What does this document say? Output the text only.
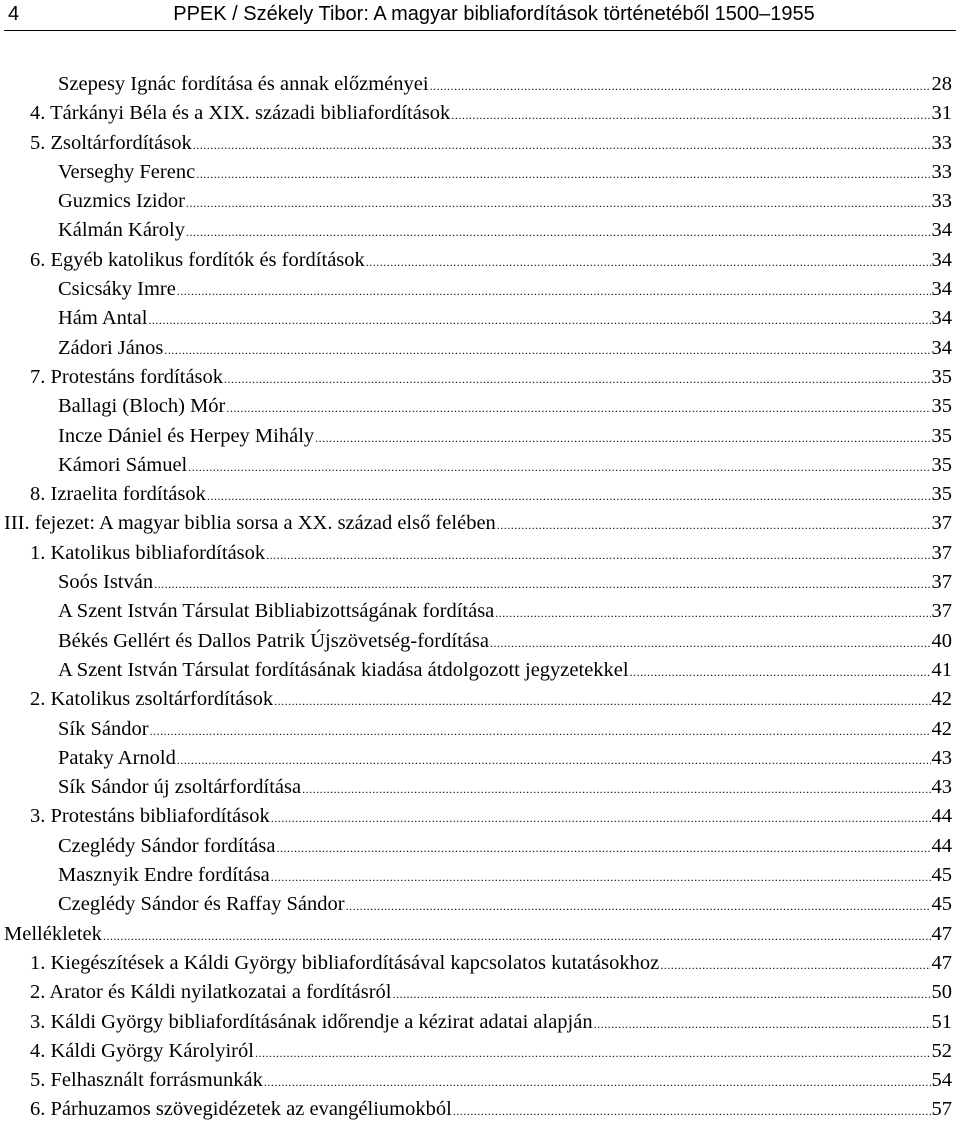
4	PPEK / Székely Tibor: A magyar bibliafordítások történetéből 1500–1955
Szepesy Ignác fordítása és annak előzményei .....	28
4. Tárkányi Béla és a XIX. századi bibliafordítások .....	31
5. Zsoltárfordítások .....	33
Verseghy Ferenc .....	33
Guzmics Izidor .....	33
Kálmán Károly .....	34
6. Egyéb katolikus fordítók és fordítások .....	34
Csicsáky Imre .....	34
Hám Antal .....	34
Zádori János .....	34
7. Protestáns fordítások .....	35
Ballagi (Bloch) Mór .....	35
Incze Dániel és Herpey Mihály .....	35
Kámori Sámuel .....	35
8. Izraelita fordítások .....	35
III. fejezet: A magyar biblia sorsa a XX. század első felében .....	37
1. Katolikus bibliafordítások .....	37
Soós István .....	37
A Szent István Társulat Bibliabizottságának fordítása .....	37
Békés Gellért és Dallos Patrik Újszövetség-fordítása .....	40
A Szent István Társulat fordításának kiadása átdolgozott jegyzetekkel .....	41
2. Katolikus zsoltárfordítások .....	42
Sík Sándor .....	42
Pataky Arnold .....	43
Sík Sándor új zsoltárfordítása .....	43
3. Protestáns bibliafordítások .....	44
Czeglédy Sándor fordítása .....	44
Masznyik Endre fordítása .....	45
Czeglédy Sándor és Raffay Sándor .....	45
Mellékletek .....	47
1. Kiegészítések a Káldi György bibliafordításával kapcsolatos kutatásokhoz .....	47
2. Arator és Káldi nyilatkozatai a fordításról .....	50
3. Káldi György bibliafordításának időrendje a kézirat adatai alapján .....	51
4. Káldi György Károlyiról .....	52
5. Felhasznált forrásmunkák .....	54
6. Párhuzamos szövegidézetek az evangéliumokból .....	57
